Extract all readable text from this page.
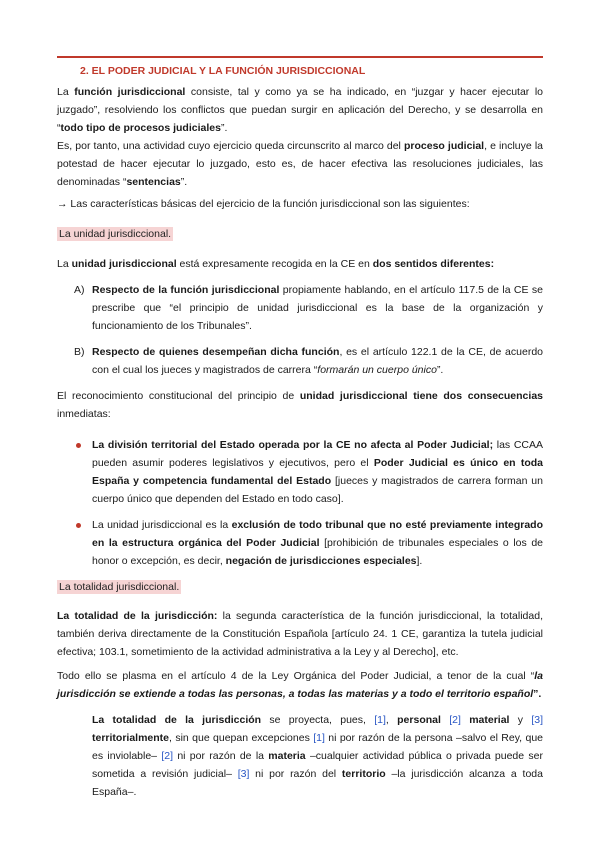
2. EL PODER JUDICIAL Y LA FUNCIÓN JURISDICCIONAL

La función jurisdiccional consiste, tal y como ya se ha indicado, en “juzgar y hacer ejecutar lo juzgado”, resolviendo los conflictos que puedan surgir en aplicación del Derecho, y se desarrolla en “todo tipo de procesos judiciales”.
Es, por tanto, una actividad cuyo ejercicio queda circunscrito al marco del proceso judicial, e incluye la potestad de hacer ejecutar lo juzgado, esto es, de hacer efectiva las resoluciones judiciales, las denominadas “sentencias”.

→ Las características básicas del ejercicio de la función jurisdiccional son las siguientes:

La unidad jurisdiccional.

La unidad jurisdiccional está expresamente recogida en la CE en dos sentidos diferentes:

A) Respecto de la función jurisdiccional propiamente hablando, en el artículo 117.5 de la CE se prescribe que “el principio de unidad jurisdiccional es la base de la organización y funcionamiento de los Tribunales”.
B) Respecto de quienes desempeñan dicha función, es el artículo 122.1 de la CE, de acuerdo con el cual los jueces y magistrados de carrera “formarán un cuerpo único”.

El reconocimiento constitucional del principio de unidad jurisdiccional tiene dos consecuencias inmediatas:

La división territorial del Estado operada por la CE no afecta al Poder Judicial; las CCAA pueden asumir poderes legislativos y ejecutivos, pero el Poder Judicial es único en toda España y competencia fundamental del Estado [jueces y magistrados de carrera forman un cuerpo único que dependen del Estado en todo caso].
La unidad jurisdiccional es la exclusión de todo tribunal que no esté previamente integrado en la estructura orgánica del Poder Judicial [prohibición de tribunales especiales o los de honor o excepción, es decir, negación de jurisdicciones especiales].

La totalidad jurisdiccional.

La totalidad de la jurisdicción: la segunda característica de la función jurisdiccional, la totalidad, también deriva directamente de la Constitución Española [artículo 24. 1 CE, garantiza la tutela judicial efectiva; 103.1, sometimiento de la actividad administrativa a la Ley y al Derecho], etc.

Todo ello se plasma en el artículo 4 de la Ley Orgánica del Poder Judicial, a tenor de la cual “la jurisdicción se extiende a todas las personas, a todas las materias y a todo el territorio español”.

La totalidad de la jurisdicción se proyecta, pues, [1], personal [2] material y [3] territorialmente, sin que quepan excepciones [1] ni por razón de la persona –salvo el Rey, que es inviolable– [2] ni por razón de la materia –cualquier actividad pública o privada puede ser sometida a revisión judicial– [3] ni por razón del territorio –la jurisdicción alcanza a toda España–.
